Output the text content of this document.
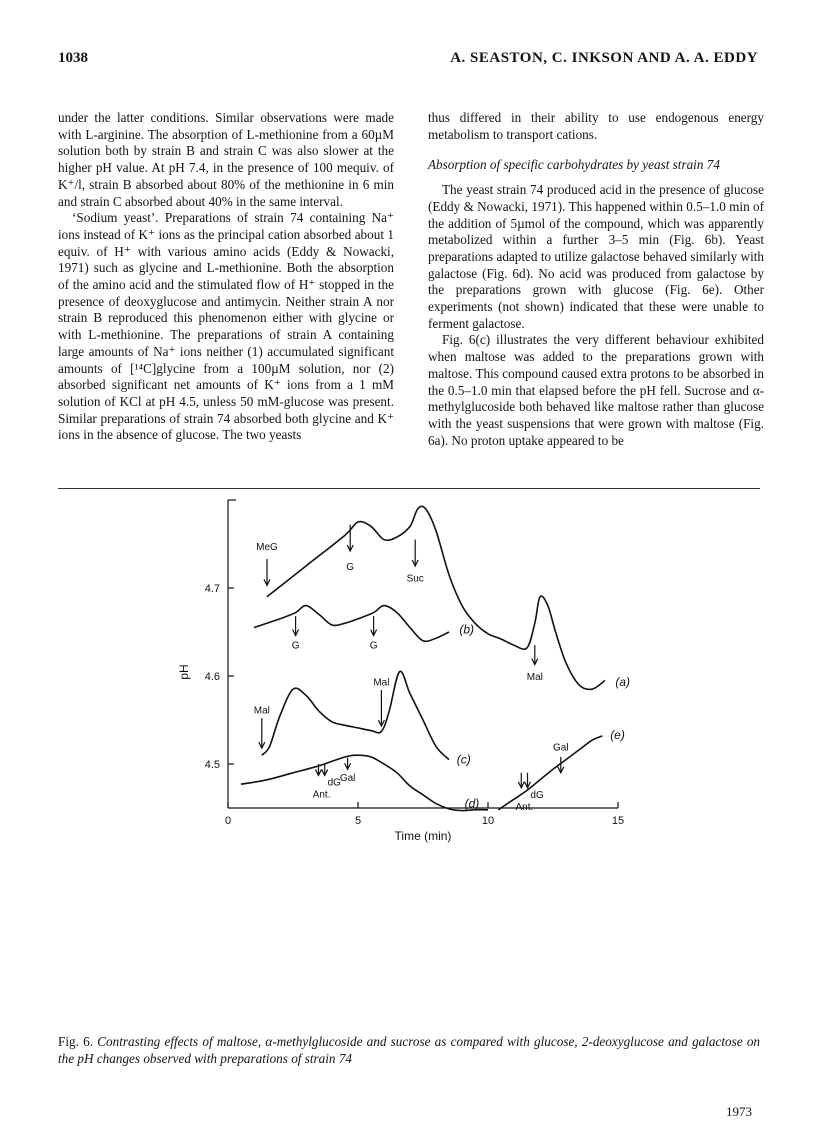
1038	A. SEASTON, C. INKSON AND A. A. EDDY

under the latter conditions. Similar observations were made with L-arginine. The absorption of L-methionine from a 60µM solution both by strain B and strain C was also slower at the higher pH value. At pH 7.4, in the presence of 100 mequiv. of K⁺/l, strain B absorbed about 80% of the methionine in 6 min and strain C absorbed about 40% in the same interval.

‘Sodium yeast’. Preparations of strain 74 containing Na⁺ ions instead of K⁺ ions as the principal cation absorbed about 1 equiv. of H⁺ with various amino acids (Eddy & Nowacki, 1971) such as glycine and L-methionine. Both the absorption of the amino acid and the stimulated flow of H⁺ stopped in the presence of deoxyglucose and antimycin. Neither strain A nor strain B reproduced this phenomenon either with glycine or with L-methionine. The preparations of strain A containing large amounts of Na⁺ ions neither (1) accumulated significant amounts of [¹⁴C]glycine from a 100µM solution, nor (2) absorbed significant net amounts of K⁺ ions from a 1 mM solution of KCl at pH 4.5, unless 50 mM-glucose was present. Similar preparations of strain 74 absorbed both glycine and K⁺ ions in the absence of glucose. The two yeasts

thus differed in their ability to use endogenous energy metabolism to transport cations.

Absorption of specific carbohydrates by yeast strain 74

The yeast strain 74 produced acid in the presence of glucose (Eddy & Nowacki, 1971). This happened within 0.5–1.0 min of the addition of 5µmol of the compound, which was apparently metabolized within a further 3–5 min (Fig. 6b). Yeast preparations adapted to utilize galactose behaved similarly with galactose (Fig. 6d). No acid was produced from galactose by the preparations grown with glucose (Fig. 6e). Other experiments (not shown) indicated that these were unable to ferment galactose.

Fig. 6(c) illustrates the very different behaviour exhibited when maltose was added to the preparations grown with maltose. This compound caused extra protons to be absorbed in the 0.5–1.0 min that elapsed before the pH fell. Sucrose and α-methylglucoside both behaved like maltose rather than glucose with the yeast suspensions that were grown with maltose (Fig. 6a). No proton uptake appeared to be

0	5	10	15
4.5
4.6
4.7
Time (min)
pH
(a)
(b)
(c)
(d)
(e)
MeG
G
Suc
G	G
Mal
Mal	Mal
Gal
Gal
dG
Ant.	dG
Ant.
Fig. 6. Contrasting effects of maltose, α-methylglucoside and sucrose as compared with glucose, 2-deoxyglucose and galactose on the pH changes observed with preparations of strain 74
1973
